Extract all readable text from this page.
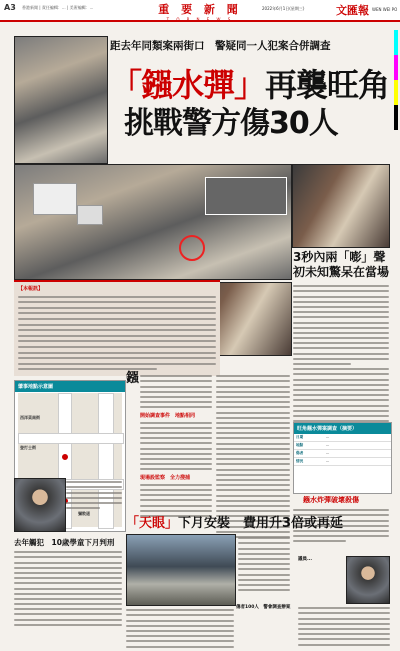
A3 香港新聞 | 責任編輯：... | 美術編輯：...	重 要 新 聞
T O P N E W S
2022年6月1日(星期三)	文匯報 WEN WEI PO
距去年同類案兩街口　警疑同一人犯案合併調查
「鏹水彈」再襲旺角
挑戰警方傷30人
3秒內兩「嘭」聲
初未知驚呆在當場
【本報訊】
肇事地點示意圖
西洋菜南街
登打士街
彌敦道
鏹
開始調查事件　地點相同
現場設監察　全力搜捕
旺角鏹水彈案調查（摘要）
日期	...
地點	...
傷者	...
情況	...
鏹水炸彈破壞殺傷
「天眼」下月安裝　費用升3倍或再延
傷者100人　警會調查辦案
議員...
去年觸犯　10歲學童下月判刑
